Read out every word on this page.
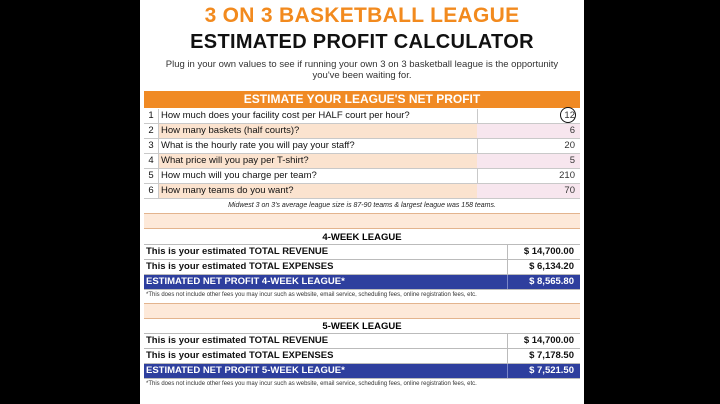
3 ON 3 BASKETBALL LEAGUE
ESTIMATED PROFIT CALCULATOR
Plug in your own values to see if running your own 3 on 3 basketball league is the opportunity you've been waiting for.
ESTIMATE YOUR LEAGUE'S NET PROFIT
1 How much does your facility cost per HALF court per hour?	12
2 How many baskets (half courts)?	6
3 What is the hourly rate you will pay your staff?	20
4 What price will you pay per T-shirt?	5
5 How much will you charge per team?	210
6 How many teams do you want?	70
Midwest 3 on 3's average league size is 87-90 teams & largest league was 158 teams.
4-WEEK LEAGUE
This is your estimated TOTAL REVENUE	$ 14,700.00
This is your estimated TOTAL EXPENSES	$ 6,134.20
ESTIMATED NET PROFIT 4-WEEK LEAGUE*	$ 8,565.80
*This does not include other fees you may incur such as website, email service, scheduling fees, online registration fees, etc.
5-WEEK LEAGUE
This is your estimated TOTAL REVENUE	$ 14,700.00
This is your estimated TOTAL EXPENSES	$ 7,178.50
ESTIMATED NET PROFIT 5-WEEK LEAGUE*	$ 7,521.50
*This does not include other fees you may incur such as website, email service, scheduling fees, online registration fees, etc.
